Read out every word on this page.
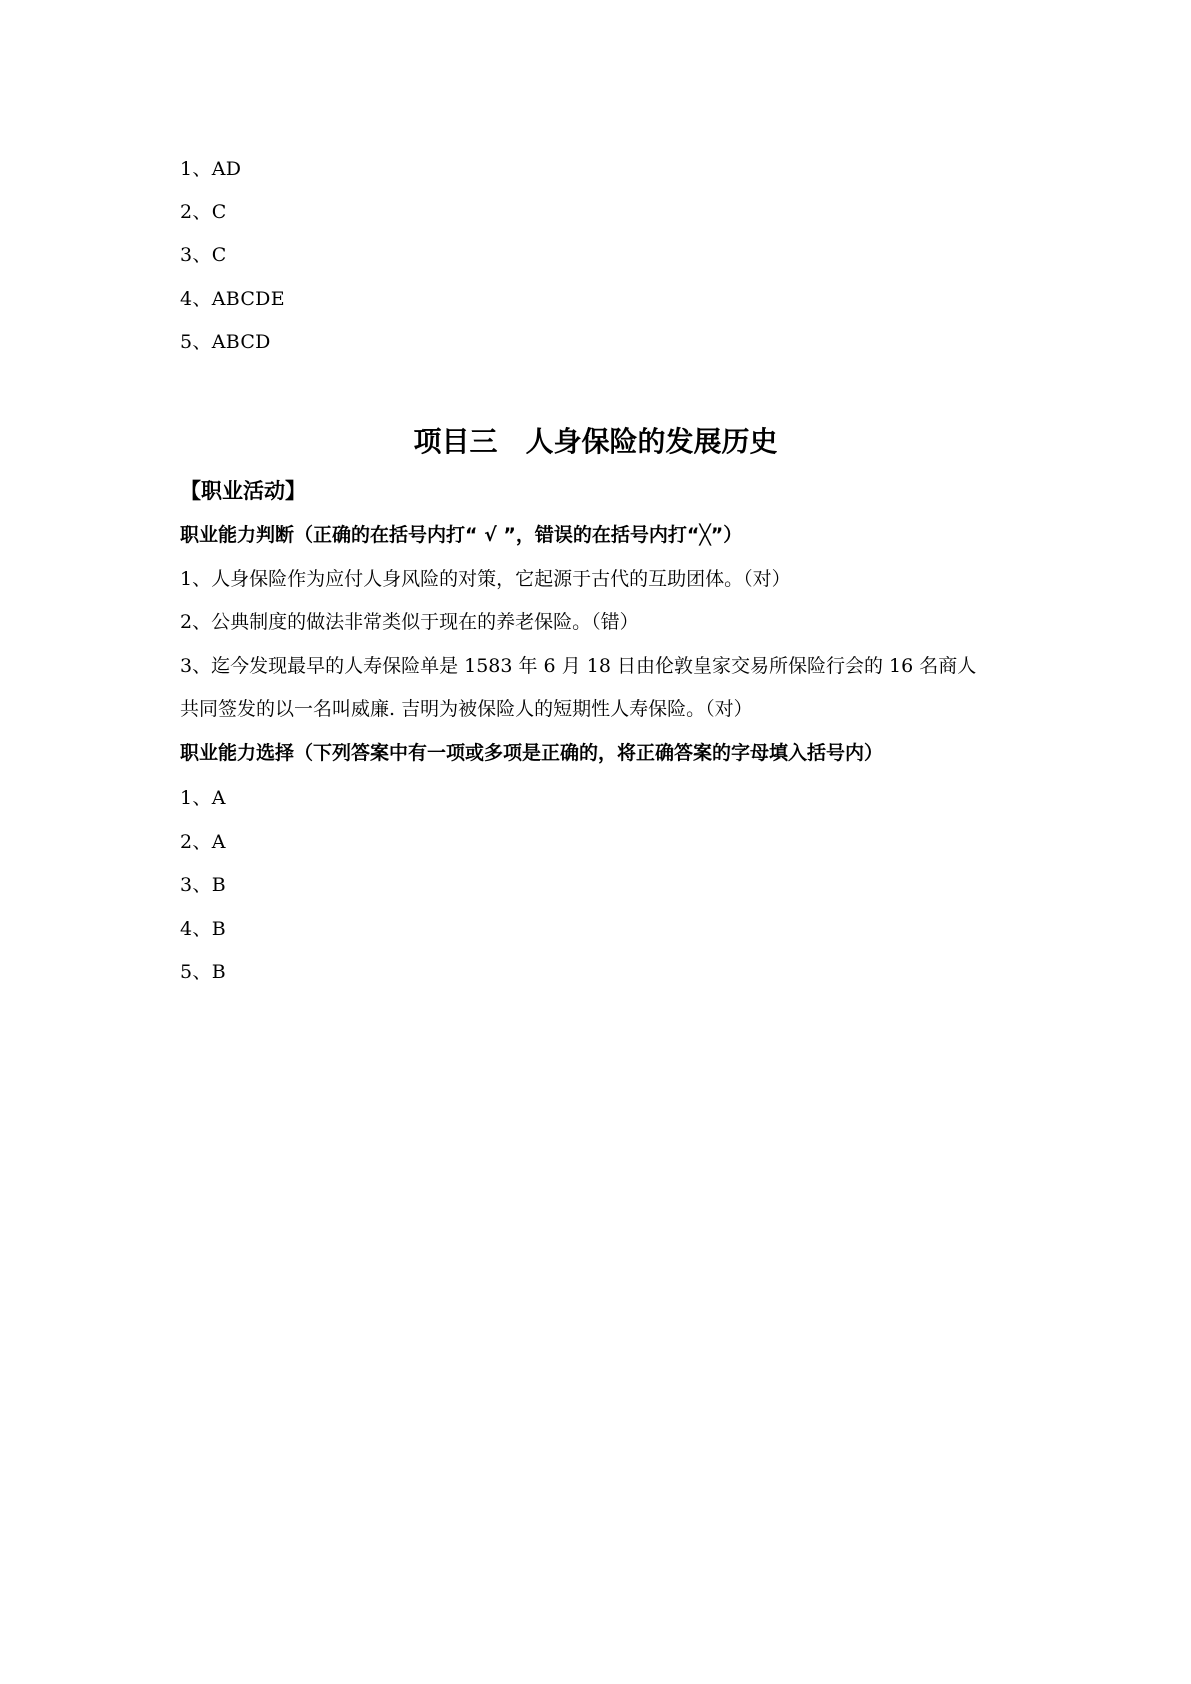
1、AD
2、C
3、C
4、ABCDE
5、ABCD
项目三　人身保险的发展历史
【职业活动】
职业能力判断（正确的在括号内打“ √ ”，错误的在括号内打“╳”）
1、人身保险作为应付人身风险的对策，它起源于古代的互助团体。（对）
2、公典制度的做法非常类似于现在的养老保险。（错）
3、迄今发现最早的人寿保险单是 1583 年 6 月 18 日由伦敦皇家交易所保险行会的 16 名商人
共同签发的以一名叫威廉. 吉明为被保险人的短期性人寿保险。（对）
职业能力选择（下列答案中有一项或多项是正确的，将正确答案的字母填入括号内）
1、A
2、A
3、B
4、B
5、B
